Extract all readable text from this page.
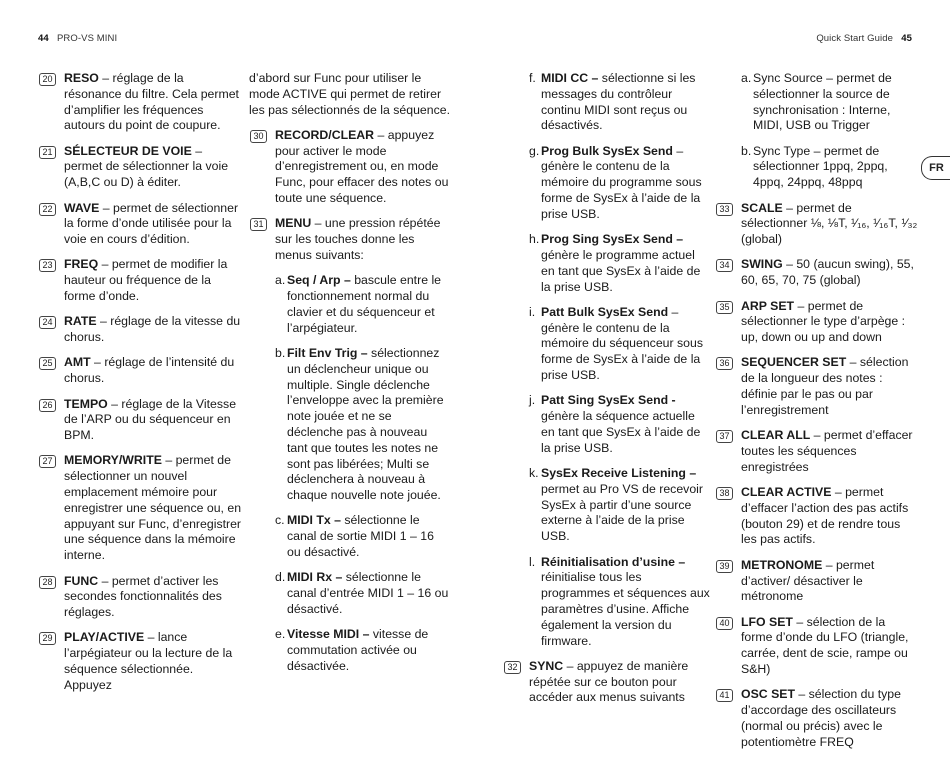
44 PRO-VS MINI	Quick Start Guide 45
FR
20 RESO – réglage de la résonance du filtre. Cela permet d’amplifier les fréquences autours du point de coupure.
21 SÉLECTEUR DE VOIE – permet de sélectionner la voie (A,B,C ou D) à éditer.
22 WAVE – permet de sélectionner la forme d’onde utilisée pour la voie en cours d’édition.
23 FREQ – permet de modifier la hauteur ou fréquence de la forme d’onde.
24 RATE – réglage de la vitesse du chorus.
25 AMT – réglage de l’intensité du chorus.
26 TEMPO – réglage de la Vitesse de l’ARP ou du séquenceur en BPM.
27 MEMORY/WRITE – permet de sélectionner un nouvel emplacement mémoire pour enregistrer une séquence ou, en appuyant sur Func, d’enregistrer une séquence dans la mémoire interne.
28 FUNC – permet d’activer les secondes fonctionnalités des réglages.
29 PLAY/ACTIVE – lance l’arpégiateur ou la lecture de la séquence sélectionnée. Appuyez
d’abord sur Func pour utiliser le mode ACTIVE qui permet de retirer les pas sélectionnés de la séquence.
30 RECORD/CLEAR – appuyez pour activer le mode d’enregistrement ou, en mode Func, pour effacer des notes ou toute une séquence.
31 MENU – une pression répétée sur les touches donne les menus suivants:
a. Seq / Arp – bascule entre le fonctionnement normal du clavier et du séquenceur et l’arpégiateur.
b. Filt Env Trig – sélectionnez un déclencheur unique ou multiple. Single déclenche l’enveloppe avec la première note jouée et ne se déclenche pas à nouveau tant que toutes les notes ne sont pas libérées; Multi se déclenchera à nouveau à chaque nouvelle note jouée.
c. MIDI Tx – sélectionne le canal de sortie MIDI 1 – 16 ou désactivé.
d. MIDI Rx – sélectionne le canal d’entrée MIDI 1 – 16 ou désactivé.
e. Vitesse MIDI – vitesse de commutation activée ou désactivée.
f. MIDI CC – sélectionne si les messages du contrôleur continu MIDI sont reçus ou désactivés.
g. Prog Bulk SysEx Send – génère le contenu de la mémoire du programme sous forme de SysEx à l’aide de la prise USB.
h. Prog Sing SysEx Send – génère le programme actuel en tant que SysEx à l’aide de la prise USB.
i. Patt Bulk SysEx Send – génère le contenu de la mémoire du séquenceur sous forme de SysEx à l’aide de la prise USB.
j. Patt Sing SysEx Send - génère la séquence actuelle en tant que SysEx à l’aide de la prise USB.
k. SysEx Receive Listening – permet au Pro VS de recevoir SysEx à partir d’une source externe à l’aide de la prise USB.
l. Réinitialisation d’usine – réinitialise tous les programmes et séquences aux paramètres d’usine. Affiche également la version du firmware.
32 SYNC – appuyez de manière répétée sur ce bouton pour accéder aux menus suivants
a. Sync Source – permet de sélectionner la source de synchronisation : Interne, MIDI, USB ou Trigger
b. Sync Type – permet de sélectionner 1ppq, 2ppq, 4ppq, 24ppq, 48ppq
33 SCALE – permet de sélectionner ⅛, ⅛T, ¹⁄₁₆, ¹⁄₁₆T, ¹⁄₃₂ (global)
34 SWING – 50 (aucun swing), 55, 60, 65, 70, 75 (global)
35 ARP SET – permet de sélectionner le type d’arpège : up, down ou up and down
36 SEQUENCER SET – sélection de la longueur des notes : définie par le pas ou par l’enregistrement
37 CLEAR ALL – permet d’effacer toutes les séquences enregistrées
38 CLEAR ACTIVE – permet d’effacer l’action des pas actifs (bouton 29) et de rendre tous les pas actifs.
39 METRONOME – permet d’activer/ désactiver le métronome
40 LFO SET – sélection de la forme d’onde du LFO (triangle, carrée, dent de scie, rampe ou S&H)
41 OSC SET – sélection du type d’accordage des oscillateurs (normal ou précis) avec le potentiomètre FREQ
